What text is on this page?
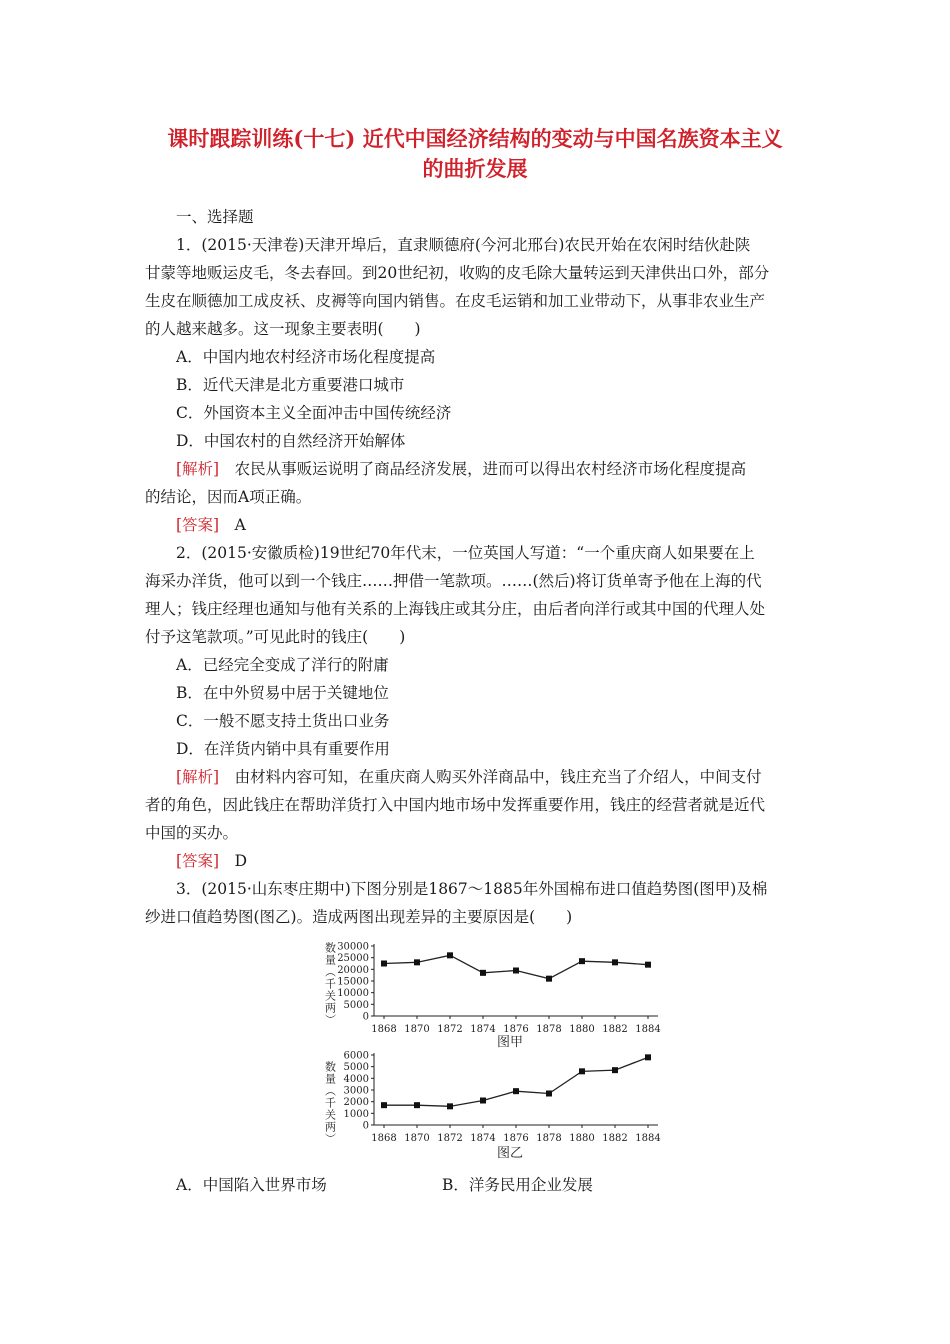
课时跟踪训练(十七) 近代中国经济结构的变动与中国名族资本主义
的曲折发展
一、选择题
1．(2015·天津卷)天津开埠后，直隶顺德府(今河北邢台)农民开始在农闲时结伙赴陕
甘蒙等地贩运皮毛，冬去春回。到20世纪初，收购的皮毛除大量转运到天津供出口外，部分
生皮在顺德加工成皮袄、皮褥等向国内销售。在皮毛运销和加工业带动下，从事非农业生产
的人越来越多。这一现象主要表明(　　)
A．中国内地农村经济市场化程度提高
B．近代天津是北方重要港口城市
C．外国资本主义全面冲击中国传统经济
D．中国农村的自然经济开始解体
[解析]　 农民从事贩运说明了商品经济发展，进而可以得出农村经济市场化程度提高
的结论，因而A项正确。
[答案]　 A
2．(2015·安徽质检)19世纪70年代末，一位英国人写道：“一个重庆商人如果要在上
海采办洋货，他可以到一个钱庄……押借一笔款项。……(然后)将订货单寄予他在上海的代
理人；钱庄经理也通知与他有关系的上海钱庄或其分庄，由后者向洋行或其中国的代理人处
付予这笔款项。”可见此时的钱庄(　　)
A．已经完全变成了洋行的附庸
B．在中外贸易中居于关键地位
C．一般不愿支持土货出口业务
D．在洋货内销中具有重要作用
[解析]　 由材料内容可知，在重庆商人购买外洋商品中，钱庄充当了介绍人，中间支付
者的角色，因此钱庄在帮助洋货打入中国内地市场中发挥重要作用，钱庄的经营者就是近代
中国的买办。
[答案]　 D
3．(2015·山东枣庄期中)下图分别是1867～1885年外国棉布进口值趋势图(图甲)及棉
纱进口值趋势图(图乙)。造成两图出现差异的主要原因是(　　)
0
5000
10000
15000
20000
25000
30000
1868 1870 1872 1874 1876 1878 1880 1882 1884
数量（千关两）
图甲
0
1000
2000
3000
4000
5000
6000
1868 1870 1872 1874 1876 1878 1880 1882 1884
数量（千关两）
图乙
A．中国陷入世界市场	B．洋务民用企业发展
